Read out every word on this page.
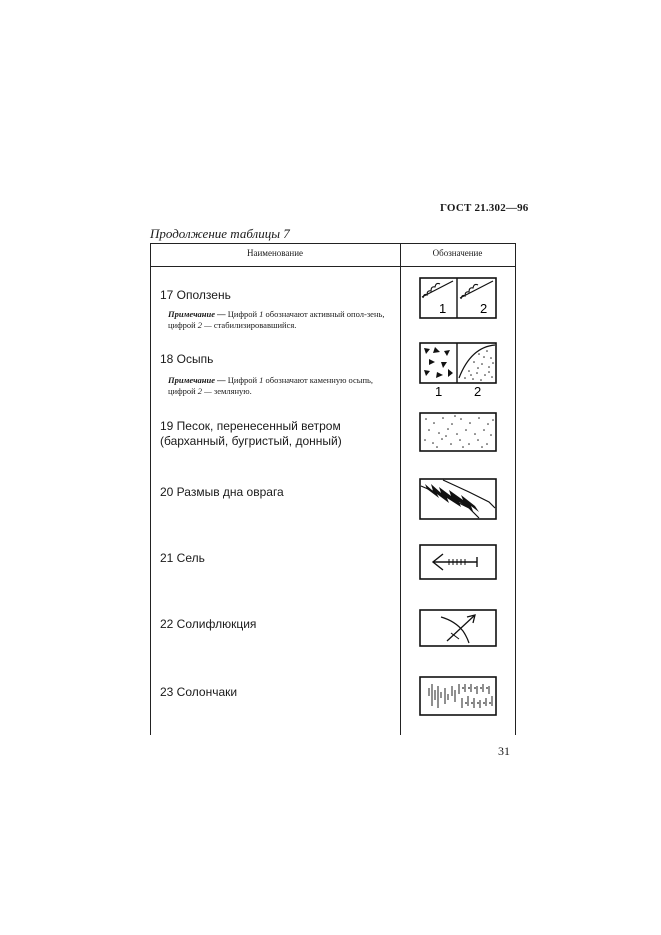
ГОСТ 21.302—96
Продолжение таблицы 7
Наименование	Обозначение
17 Оползень
Примечание — Цифрой 1 обозначают активный опол-зень, цифрой 2 — стабилизировавшийся.
1	2
18 Осыпь
Примечание — Цифрой 1 обозначают каменную осыпь, цифрой 2 — земляную.	1 2
19 Песок, перенесенный ветром (барханный, бугристый, донный)
20 Размыв дна оврага
21 Сель
22 Солифлюкция
23 Солончаки
31
